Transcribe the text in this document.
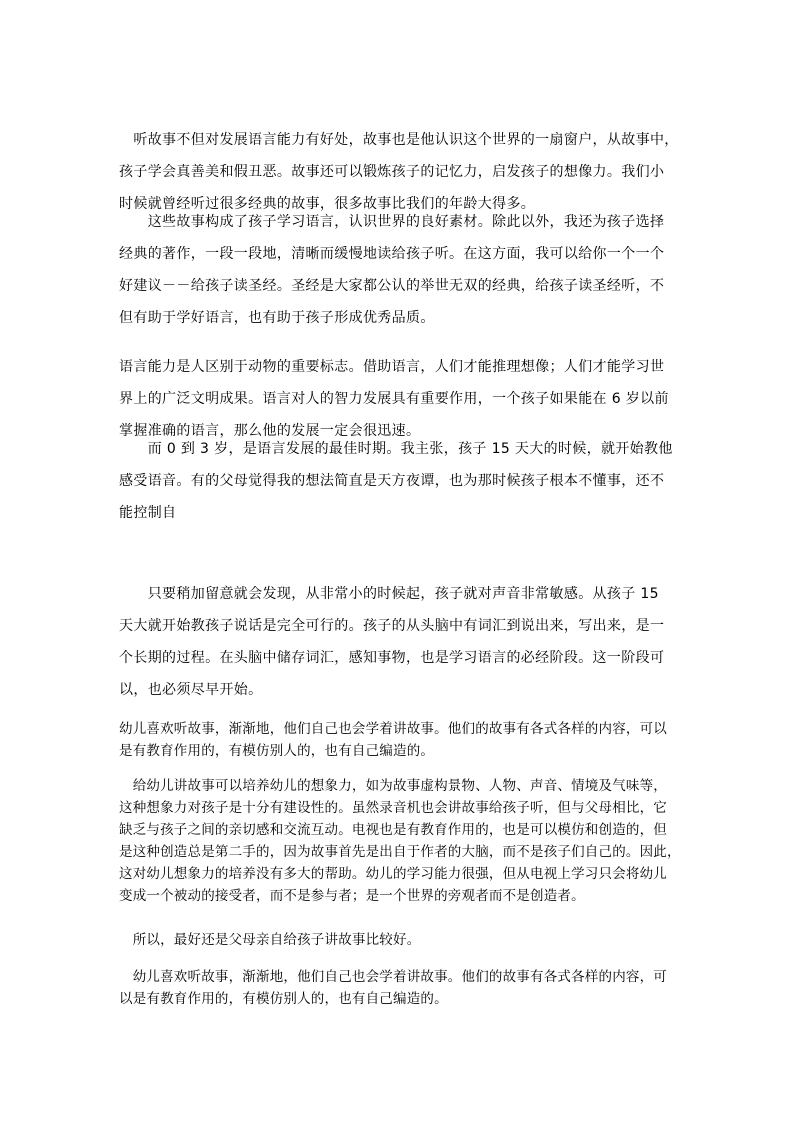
　听故事不但对发展语言能力有好处，故事也是他认识这个世界的一扇窗户，从故事中，
孩子学会真善美和假丑恶。故事还可以锻炼孩子的记忆力，启发孩子的想像力。我们小
时候就曾经听过很多经典的故事，很多故事比我们的年龄大得多。
　　这些故事构成了孩子学习语言，认识世界的良好素材。除此以外，我还为孩子选择
经典的著作，一段一段地，清晰而缓慢地读给孩子听。在这方面，我可以给你一个一个
好建议－－给孩子读圣经。圣经是大家都公认的举世无双的经典，给孩子读圣经听，不
但有助于学好语言，也有助于孩子形成优秀品质。
语言能力是人区别于动物的重要标志。借助语言，人们才能推理想像；人们才能学习世
界上的广泛文明成果。语言对人的智力发展具有重要作用，一个孩子如果能在 6 岁以前
掌握准确的语言，那么他的发展一定会很迅速。
　　而 0 到 3 岁，是语言发展的最佳时期。我主张，孩子 15 天大的时候，就开始教他
感受语音。有的父母觉得我的想法简直是天方夜谭，也为那时候孩子根本不懂事，还不
能控制自
　　只要稍加留意就会发现，从非常小的时候起，孩子就对声音非常敏感。从孩子 15
天大就开始教孩子说话是完全可行的。孩子的从头脑中有词汇到说出来，写出来，是一
个长期的过程。在头脑中储存词汇，感知事物，也是学习语言的必经阶段。这一阶段可
以，也必须尽早开始。
幼儿喜欢听故事，渐渐地，他们自己也会学着讲故事。他们的故事有各式各样的内容，可以
是有教育作用的，有模仿别人的，也有自己编造的。
　给幼儿讲故事可以培养幼儿的想象力，如为故事虚构景物、人物、声音、情境及气味等，
这种想象力对孩子是十分有建设性的。虽然录音机也会讲故事给孩子听，但与父母相比，它
缺乏与孩子之间的亲切感和交流互动。电视也是有教育作用的，也是可以模仿和创造的，但
是这种创造总是第二手的，因为故事首先是出自于作者的大脑，而不是孩子们自己的。因此，
这对幼儿想象力的培养没有多大的帮助。幼儿的学习能力很强，但从电视上学习只会将幼儿
变成一个被动的接受者，而不是参与者；是一个世界的旁观者而不是创造者。
　所以，最好还是父母亲自给孩子讲故事比较好。
　幼儿喜欢听故事，渐渐地，他们自己也会学着讲故事。他们的故事有各式各样的内容，可
以是有教育作用的，有模仿别人的，也有自己编造的。
